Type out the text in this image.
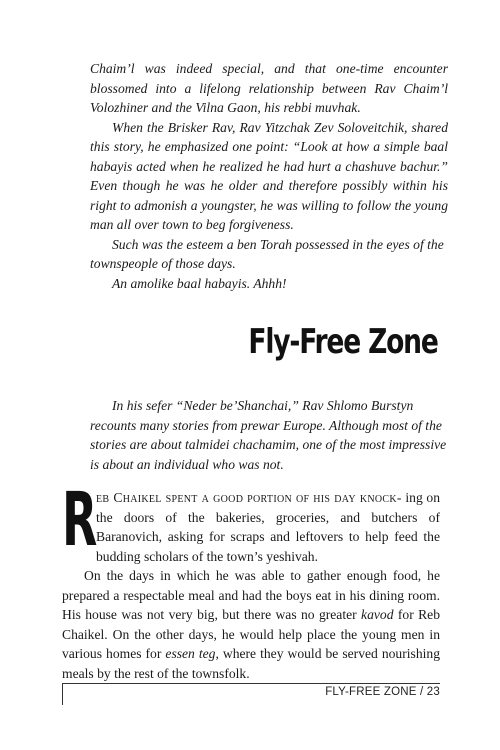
Chaim’l was indeed special, and that one-time encounter blossomed into a lifelong relationship between Rav Chaim’l Volozhiner and the Vilna Gaon, his rebbi muvhak.

When the Brisker Rav, Rav Yitzchak Zev Soloveitchik, shared this story, he emphasized one point: “Look at how a simple baal habayis acted when he realized he had hurt a chashuve bachur.” Even though he was he older and therefore possibly within his right to admonish a youngster, he was willing to follow the young man all over town to beg forgiveness.

Such was the esteem a ben Torah possessed in the eyes of the townspeople of those days.

An amolike baal habayis. Ahhh!

Fly-Free Zone

In his sefer “Neder be’Shanchai,” Rav Shlomo Burstyn recounts many stories from prewar Europe. Although most of the stories are about talmidei chachamim, one of the most impressive is about an individual who was not.

R
eb Chaikel spent a good portion of his day knock- ing on the doors of the bakeries, groceries, and butchers of Baranovich, asking for scraps and leftovers to help feed the budding scholars of the town’s yeshivah.

On the days in which he was able to gather enough food, he prepared a respectable meal and had the boys eat in his dining room. His house was not very big, but there was no greater kavod for Reb Chaikel. On the other days, he would help place the young men in various homes for essen teg, where they would be served nourishing meals by the rest of the townsfolk.

FLY-FREE ZONE / 23
